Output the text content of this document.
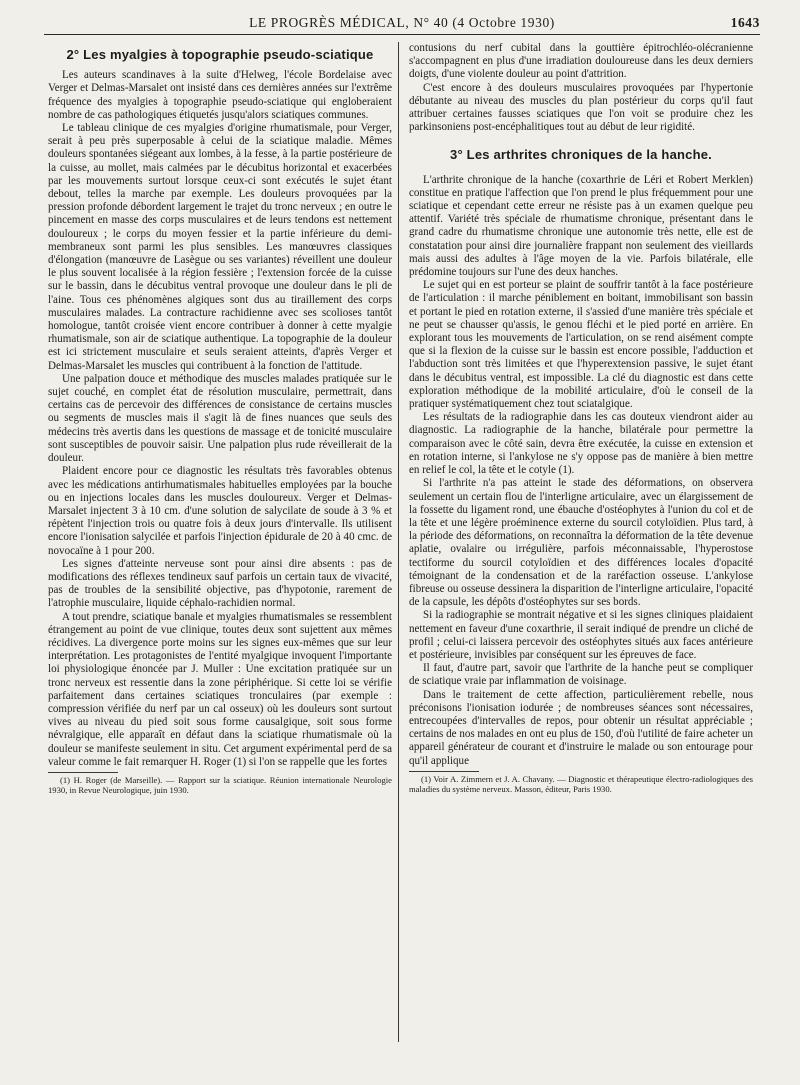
LE PROGRÈS MÉDICAL, N° 40 (4 Octobre 1930)	1643
2° Les myalgies à topographie pseudo-sciatique

Les auteurs scandinaves à la suite d'Helweg, l'école Bordelaise avec Verger et Delmas-Marsalet ont insisté dans ces dernières années sur l'extrême fréquence des myalgies à topographie pseudo-sciatique qui engloberaient nombre de cas pathologiques étiquetés jusqu'alors sciatiques communes.

Le tableau clinique de ces myalgies d'origine rhumatismale, pour Verger, serait à peu près superposable à celui de la sciatique maladie. Mêmes douleurs spontanées siégeant aux lombes, à la fesse, à la partie postérieure de la cuisse, au mollet, mais calmées par le décubitus horizontal et exacerbées par les mouvements surtout lorsque ceux-ci sont exécutés le sujet étant debout, telles la marche par exemple. Les douleurs provoquées par la pression profonde débordent largement le trajet du tronc nerveux ; en outre le pincement en masse des corps musculaires et de leurs tendons est nettement douloureux ; le corps du moyen fessier et la partie inférieure du demi-membraneux sont parmi les plus sensibles. Les manœuvres classiques d'élongation (manœuvre de Lasègue ou ses variantes) réveillent une douleur le plus souvent localisée à la région fessière ; l'extension forcée de la cuisse sur le bassin, dans le décubitus ventral provoque une douleur dans le pli de l'aine. Tous ces phénomènes algiques sont dus au tiraillement des corps musculaires malades. La contracture rachidienne avec ses scolioses tantôt homologue, tantôt croisée vient encore contribuer à donner à cette myalgie rhumatismale, son air de sciatique authentique. La topographie de la douleur est ici strictement musculaire et seuls seraient atteints, d'après Verger et Delmas-Marsalet les muscles qui contribuent à la fonction de l'attitude.

Une palpation douce et méthodique des muscles malades pratiquée sur le sujet couché, en complet état de résolution musculaire, permettrait, dans certains cas de percevoir des différences de consistance de certains muscles ou segments de muscles mais il s'agit là de fines nuances que seuls des médecins très avertis dans les questions de massage et de tonicité musculaire sont susceptibles de pouvoir saisir. Une palpation plus rude réveillerait de la douleur.

Plaident encore pour ce diagnostic les résultats très favorables obtenus avec les médications antirhumatismales habituelles employées par la bouche ou en injections locales dans les muscles douloureux. Verger et Delmas-Marsalet injectent 3 à 10 cm. d'une solution de salycilate de soude à 3 % et répètent l'injection trois ou quatre fois à deux jours d'intervalle. Ils utilisent encore l'ionisation salycilée et parfois l'injection épidurale de 20 à 40 cmc. de novocaïne à 1 pour 200.

Les signes d'atteinte nerveuse sont pour ainsi dire absents : pas de modifications des réflexes tendineux sauf parfois un certain taux de vivacité, pas de troubles de la sensibilité objective, pas d'hypotonie, rarement de l'atrophie musculaire, liquide céphalo-rachidien normal.

A tout prendre, sciatique banale et myalgies rhumatismales se ressemblent étrangement au point de vue clinique, toutes deux sont sujettent aux mêmes récidives. La divergence porte moins sur les signes eux-mêmes que sur leur interprétation. Les protagonistes de l'entité myalgique invoquent l'importante loi physiologique énoncée par J. Muller : Une excitation pratiquée sur un tronc nerveux est ressentie dans la zone périphérique. Si cette loi se vérifie parfaitement dans certaines sciatiques tronculaires (par exemple : compression vérifiée du nerf par un cal osseux) où les douleurs sont surtout vives au niveau du pied soit sous forme causalgique, soit sous forme névralgique, elle apparaît en défaut dans la sciatique rhumatismale où la douleur se manifeste seulement in situ. Cet argument expérimental perd de sa valeur comme le fait remarquer H. Roger (1) si l'on se rappelle que les fortes

(1) H. Roger (de Marseille). — Rapport sur la sciatique. Réunion internationale Neurologie 1930, in Revue Neurologique, juin 1930.

contusions du nerf cubital dans la gouttière épitrochléo-olécranienne s'accompagnent en plus d'une irradiation douloureuse dans les deux derniers doigts, d'une violente douleur au point d'attrition.

C'est encore à des douleurs musculaires provoquées par l'hypertonie débutante au niveau des muscles du plan postérieur du corps qu'il faut attribuer certaines fausses sciatiques que l'on voit se produire chez les parkinsoniens post-encéphalitiques tout au début de leur rigidité.

3° Les arthrites chroniques de la hanche.

L'arthrite chronique de la hanche (coxarthrie de Léri et Robert Merklen) constitue en pratique l'affection que l'on prend le plus fréquemment pour une sciatique et cependant cette erreur ne résiste pas à un examen quelque peu attentif. Variété très spéciale de rhumatisme chronique, présentant dans le grand cadre du rhumatisme chronique une autonomie très nette, elle est de constatation pour ainsi dire journalière frappant non seulement des vieillards mais aussi des adultes à l'âge moyen de la vie. Parfois bilatérale, elle prédomine toujours sur l'une des deux hanches.

Le sujet qui en est porteur se plaint de souffrir tantôt à la face postérieure de l'articulation : il marche péniblement en boitant, immobilisant son bassin et portant le pied en rotation externe, il s'assied d'une manière très spéciale et ne peut se chausser qu'assis, le genou fléchi et le pied porté en arrière. En explorant tous les mouvements de l'articulation, on se rend aisément compte que si la flexion de la cuisse sur le bassin est encore possible, l'adduction et l'abduction sont très limitées et que l'hyperextension passive, le sujet étant dans le décubitus ventral, est impossible. La clé du diagnostic est dans cette exploration méthodique de la mobilité articulaire, d'où le conseil de la pratiquer systématiquement chez tout sciatalgique.

Les résultats de la radiographie dans les cas douteux viendront aider au diagnostic. La radiographie de la hanche, bilatérale pour permettre la comparaison avec le côté sain, devra être exécutée, la cuisse en extension et en rotation interne, si l'ankylose ne s'y oppose pas de manière à bien mettre en relief le col, la tête et le cotyle (1).

Si l'arthrite n'a pas atteint le stade des déformations, on observera seulement un certain flou de l'interligne articulaire, avec un élargissement de la fossette du ligament rond, une ébauche d'ostéophytes à l'union du col et de la tête et une légère proéminence externe du sourcil cotyloïdien. Plus tard, à la période des déformations, on reconnaîtra la déformation de la tête devenue aplatie, ovalaire ou irrégulière, parfois méconnaissable, l'hyperostose tectiforme du sourcil cotyloïdien et des différences locales d'opacité témoignant de la condensation et de la raréfaction osseuse. L'ankylose fibreuse ou osseuse dessinera la disparition de l'interligne articulaire, l'opacité de la capsule, les dépôts d'ostéophytes sur ses bords.

Si la radiographie se montrait négative et si les signes cliniques plaidaient nettement en faveur d'une coxarthrie, il serait indiqué de prendre un cliché de profil ; celui-ci laissera percevoir des ostéophytes situés aux faces antérieure et postérieure, invisibles par conséquent sur les épreuves de face.

Il faut, d'autre part, savoir que l'arthrite de la hanche peut se compliquer de sciatique vraie par inflammation de voisinage.

Dans le traitement de cette affection, particulièrement rebelle, nous préconisons l'ionisation iodurée ; de nombreuses séances sont nécessaires, entrecoupées d'intervalles de repos, pour obtenir un résultat appréciable ; certains de nos malades en ont eu plus de 150, d'où l'utilité de faire acheter un appareil générateur de courant et d'instruire le malade ou son entourage pour qu'il applique

(1) Voir A. Zimmern et J. A. Chavany. — Diagnostic et thérapeutique électro-radiologiques des maladies du système nerveux. Masson, éditeur, Paris 1930.
